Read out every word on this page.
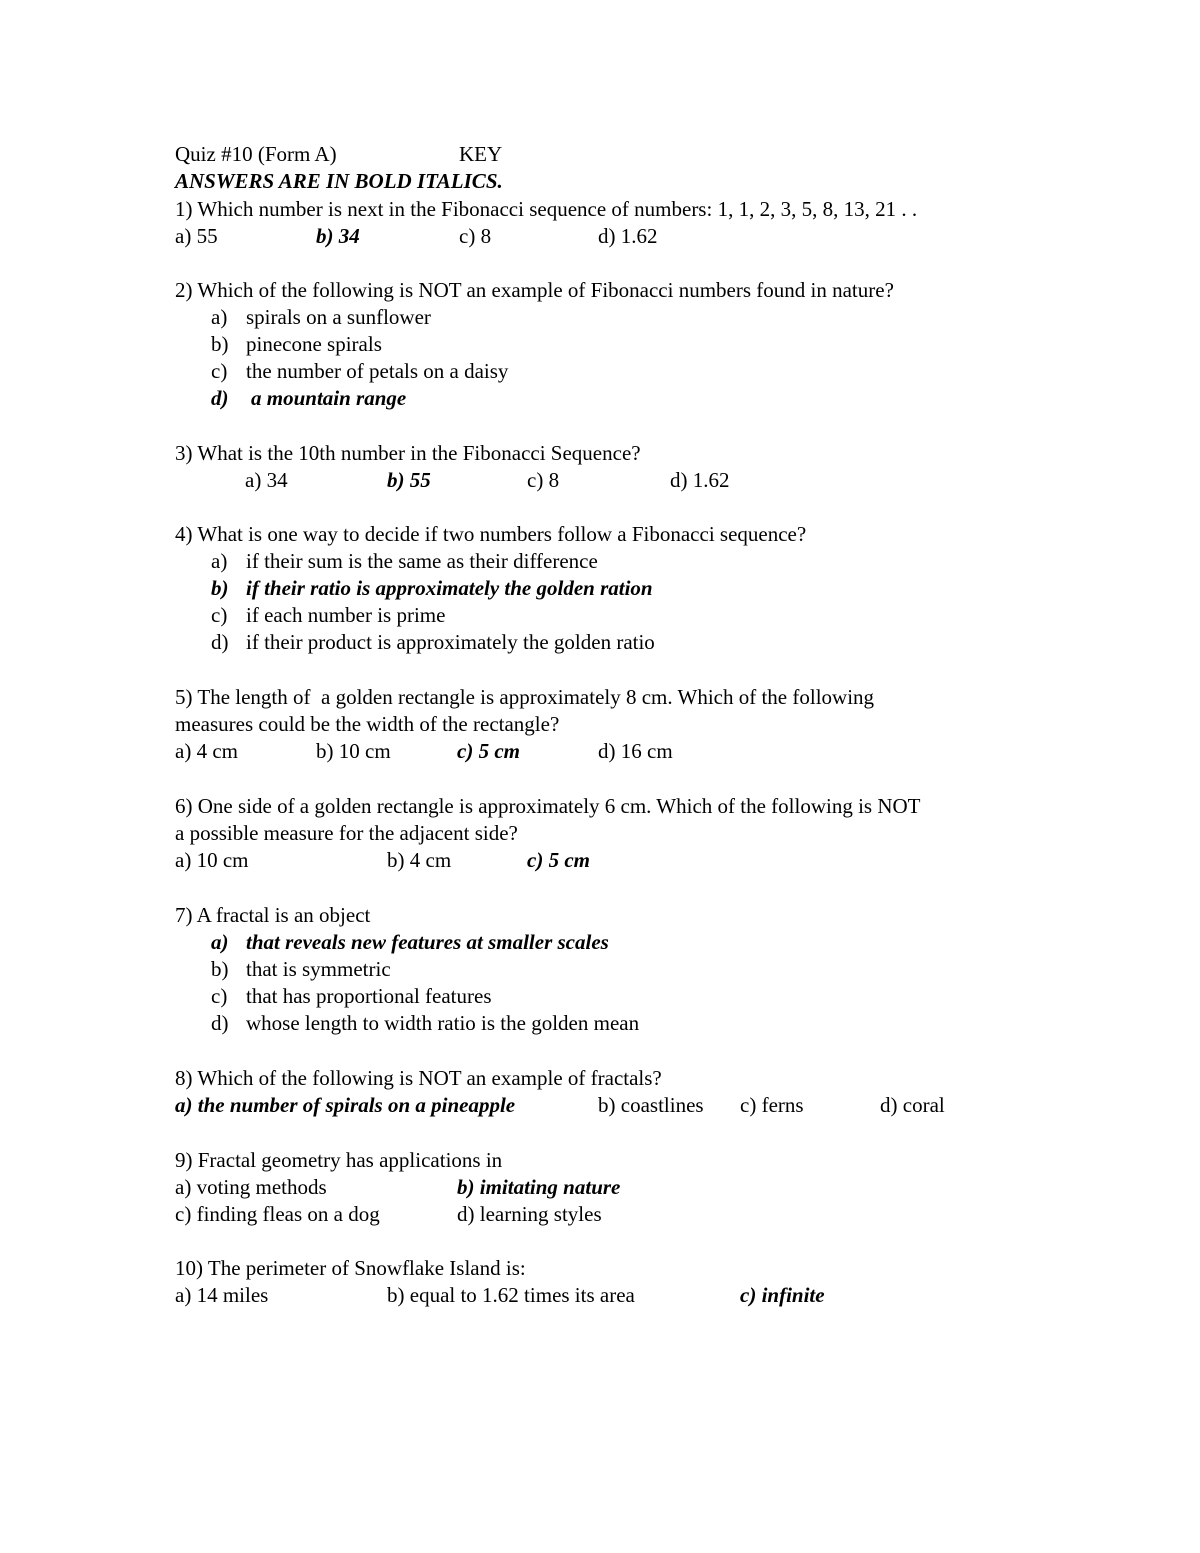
Quiz #10 (Form A)	KEY
ANSWERS ARE IN BOLD ITALICS.
1) Which number is next in the Fibonacci sequence of numbers: 1, 1, 2, 3, 5, 8, 13, 21 . .
a) 55	b) 34	c) 8	d) 1.62
2) Which of the following is NOT an example of Fibonacci numbers found in nature?
a) spirals on a sunflower
b) pinecone spirals
c) the number of petals on a daisy
d) a mountain range
3) What is the 10th number in the Fibonacci Sequence?
a) 34	b) 55	c) 8	d) 1.62
4) What is one way to decide if two numbers follow a Fibonacci sequence?
a) if their sum is the same as their difference
b) if their ratio is approximately the golden ration
c) if each number is prime
d) if their product is approximately the golden ratio
5) The length of  a golden rectangle is approximately 8 cm. Which of the following
measures could be the width of the rectangle?
a) 4 cm	b) 10 cm	c) 5 cm	d) 16 cm
6) One side of a golden rectangle is approximately 6 cm. Which of the following is NOT
a possible measure for the adjacent side?
a) 10 cm	b) 4 cm	c) 5 cm
7) A fractal is an object
a) that reveals new features at smaller scales
b) that is symmetric
c) that has proportional features
d) whose length to width ratio is the golden mean
8) Which of the following is NOT an example of fractals?
a) the number of spirals on a pineapple	b) coastlines c) ferns	d) coral
9) Fractal geometry has applications in
a) voting methods	b) imitating nature
c) finding fleas on a dog	d) learning styles
10) The perimeter of Snowflake Island is:
a) 14 miles	b) equal to 1.62 times its area	c) infinite
